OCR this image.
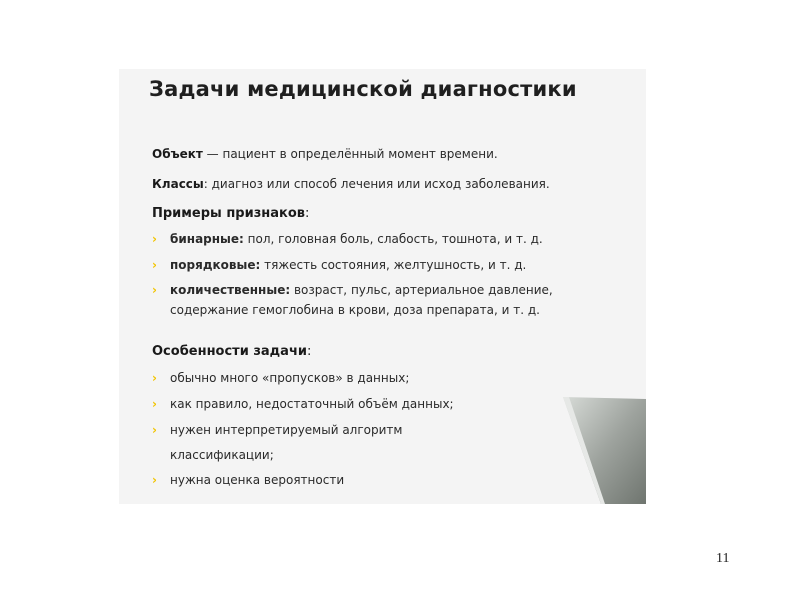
Задачи медицинской диагностики
Объект — пациент в определённый момент времени.
Классы: диагноз или способ лечения или исход заболевания.
Примеры признаков:
› бинарные: пол, головная боль, слабость, тошнота, и т. д.
› порядковые: тяжесть состояния, желтушность, и т. д.
› количественные: возраст, пульс, артериальное давление,
содержание гемоглобина в крови, доза препарата, и т. д.
Особенности задачи:
› обычно много «пропусков» в данных;
› как правило, недостаточный объём данных;
› нужен интерпретируемый алгоритм
классификации;
› нужна оценка вероятности
11
